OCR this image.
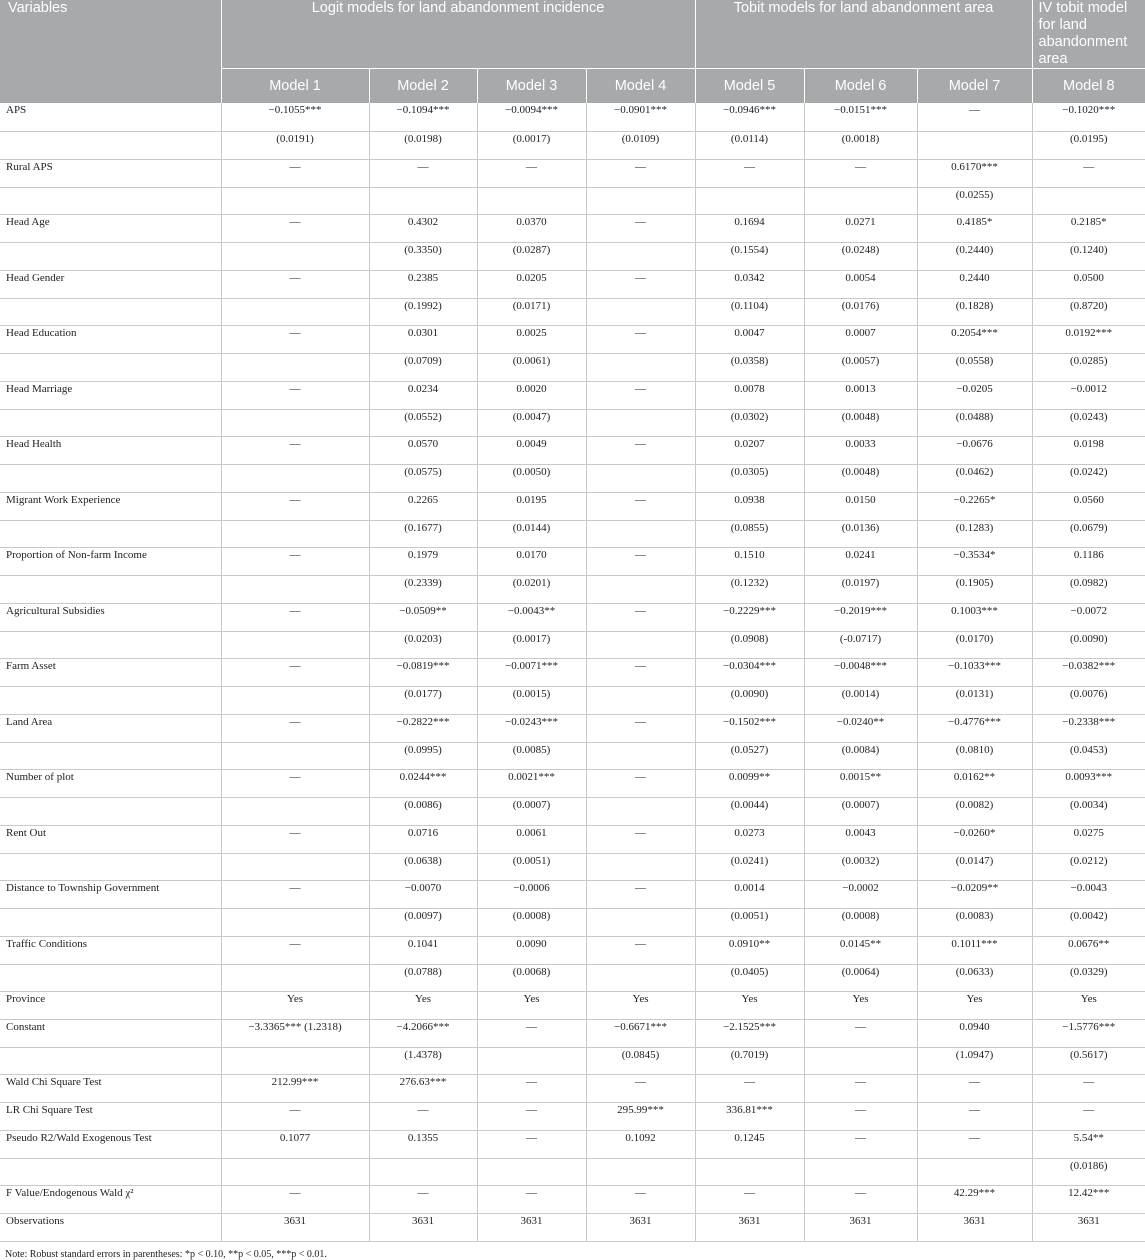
Variables	Logit models for land abandonment incidence				Tobit models for land abandonment area			IV tobit model for land abandonment area
	Model 1	Model 2	Model 3	Model 4	Model 5	Model 6	Model 7	Model 8
APS	−0.1055***	−0.1094***	−0.0094***	−0.0901***	−0.0946***	−0.0151***	—	−0.1020***
	(0.0191)	(0.0198)	(0.0017)	(0.0109)	(0.0114)	(0.0018)		(0.0195)
Rural APS	—	—	—	—	—	—	0.6170***	—
							(0.0255)	
Head Age	—	0.4302	0.0370	—	0.1694	0.0271	0.4185*	0.2185*
		(0.3350)	(0.0287)		(0.1554)	(0.0248)	(0.2440)	(0.1240)
Head Gender	—	0.2385	0.0205	—	0.0342	0.0054	0.2440	0.0500
		(0.1992)	(0.0171)		(0.1104)	(0.0176)	(0.1828)	(0.8720)
Head Education	—	0.0301	0.0025	—	0.0047	0.0007	0.2054***	0.0192***
		(0.0709)	(0.0061)		(0.0358)	(0.0057)	(0.0558)	(0.0285)
Head Marriage	—	0.0234	0.0020	—	0.0078	0.0013	−0.0205	−0.0012
		(0.0552)	(0.0047)		(0.0302)	(0.0048)	(0.0488)	(0.0243)
Head Health	—	0.0570	0.0049	—	0.0207	0.0033	−0.0676	0.0198
		(0.0575)	(0.0050)		(0.0305)	(0.0048)	(0.0462)	(0.0242)
Migrant Work Experience	—	0.2265	0.0195	—	0.0938	0.0150	−0.2265*	0.0560
		(0.1677)	(0.0144)		(0.0855)	(0.0136)	(0.1283)	(0.0679)
Proportion of Non-farm Income	—	0.1979	0.0170	—	0.1510	0.0241	−0.3534*	0.1186
		(0.2339)	(0.0201)		(0.1232)	(0.0197)	(0.1905)	(0.0982)
Agricultural Subsidies	—	−0.0509**	−0.0043**	—	−0.2229***	−0.2019***	0.1003***	−0.0072
		(0.0203)	(0.0017)		(0.0908)	(-0.0717)	(0.0170)	(0.0090)
Farm Asset	—	−0.0819***	−0.0071***	—	−0.0304***	−0.0048***	−0.1033***	−0.0382***
		(0.0177)	(0.0015)		(0.0090)	(0.0014)	(0.0131)	(0.0076)
Land Area	—	−0.2822***	−0.0243***	—	−0.1502***	−0.0240**	−0.4776***	−0.2338***
		(0.0995)	(0.0085)		(0.0527)	(0.0084)	(0.0810)	(0.0453)
Number of plot	—	0.0244***	0.0021***	—	0.0099**	0.0015**	0.0162**	0.0093***
		(0.0086)	(0.0007)		(0.0044)	(0.0007)	(0.0082)	(0.0034)
Rent Out	—	0.0716	0.0061	—	0.0273	0.0043	−0.0260*	0.0275
		(0.0638)	(0.0051)		(0.0241)	(0.0032)	(0.0147)	(0.0212)
Distance to Township Government	—	−0.0070	−0.0006	—	0.0014	−0.0002	−0.0209**	−0.0043
		(0.0097)	(0.0008)		(0.0051)	(0.0008)	(0.0083)	(0.0042)
Traffic Conditions	—	0.1041	0.0090	—	0.0910**	0.0145**	0.1011***	0.0676**
		(0.0788)	(0.0068)		(0.0405)	(0.0064)	(0.0633)	(0.0329)
Province	Yes	Yes	Yes	Yes	Yes	Yes	Yes	Yes
Constant	−3.3365*** (1.2318)	−4.2066***	—	−0.6671***	−2.1525***	—	0.0940	−1.5776***
		(1.4378)		(0.0845)	(0.7019)		(1.0947)	(0.5617)
Wald Chi Square Test	212.99***	276.63***	—	—	—	—	—	—
LR Chi Square Test	—	—	—	295.99***	336.81***	—	—	—
Pseudo R2/Wald Exogenous Test	0.1077	0.1355	—	0.1092	0.1245	—	—	5.54**
								(0.0186)
F Value/Endogenous Wald χ²	—	—	—	—	—	—	42.29***	12.42***
Observations	3631	3631	3631	3631	3631	3631	3631	3631
Note: Robust standard errors in parentheses: *p < 0.10, **p < 0.05, ***p < 0.01.
